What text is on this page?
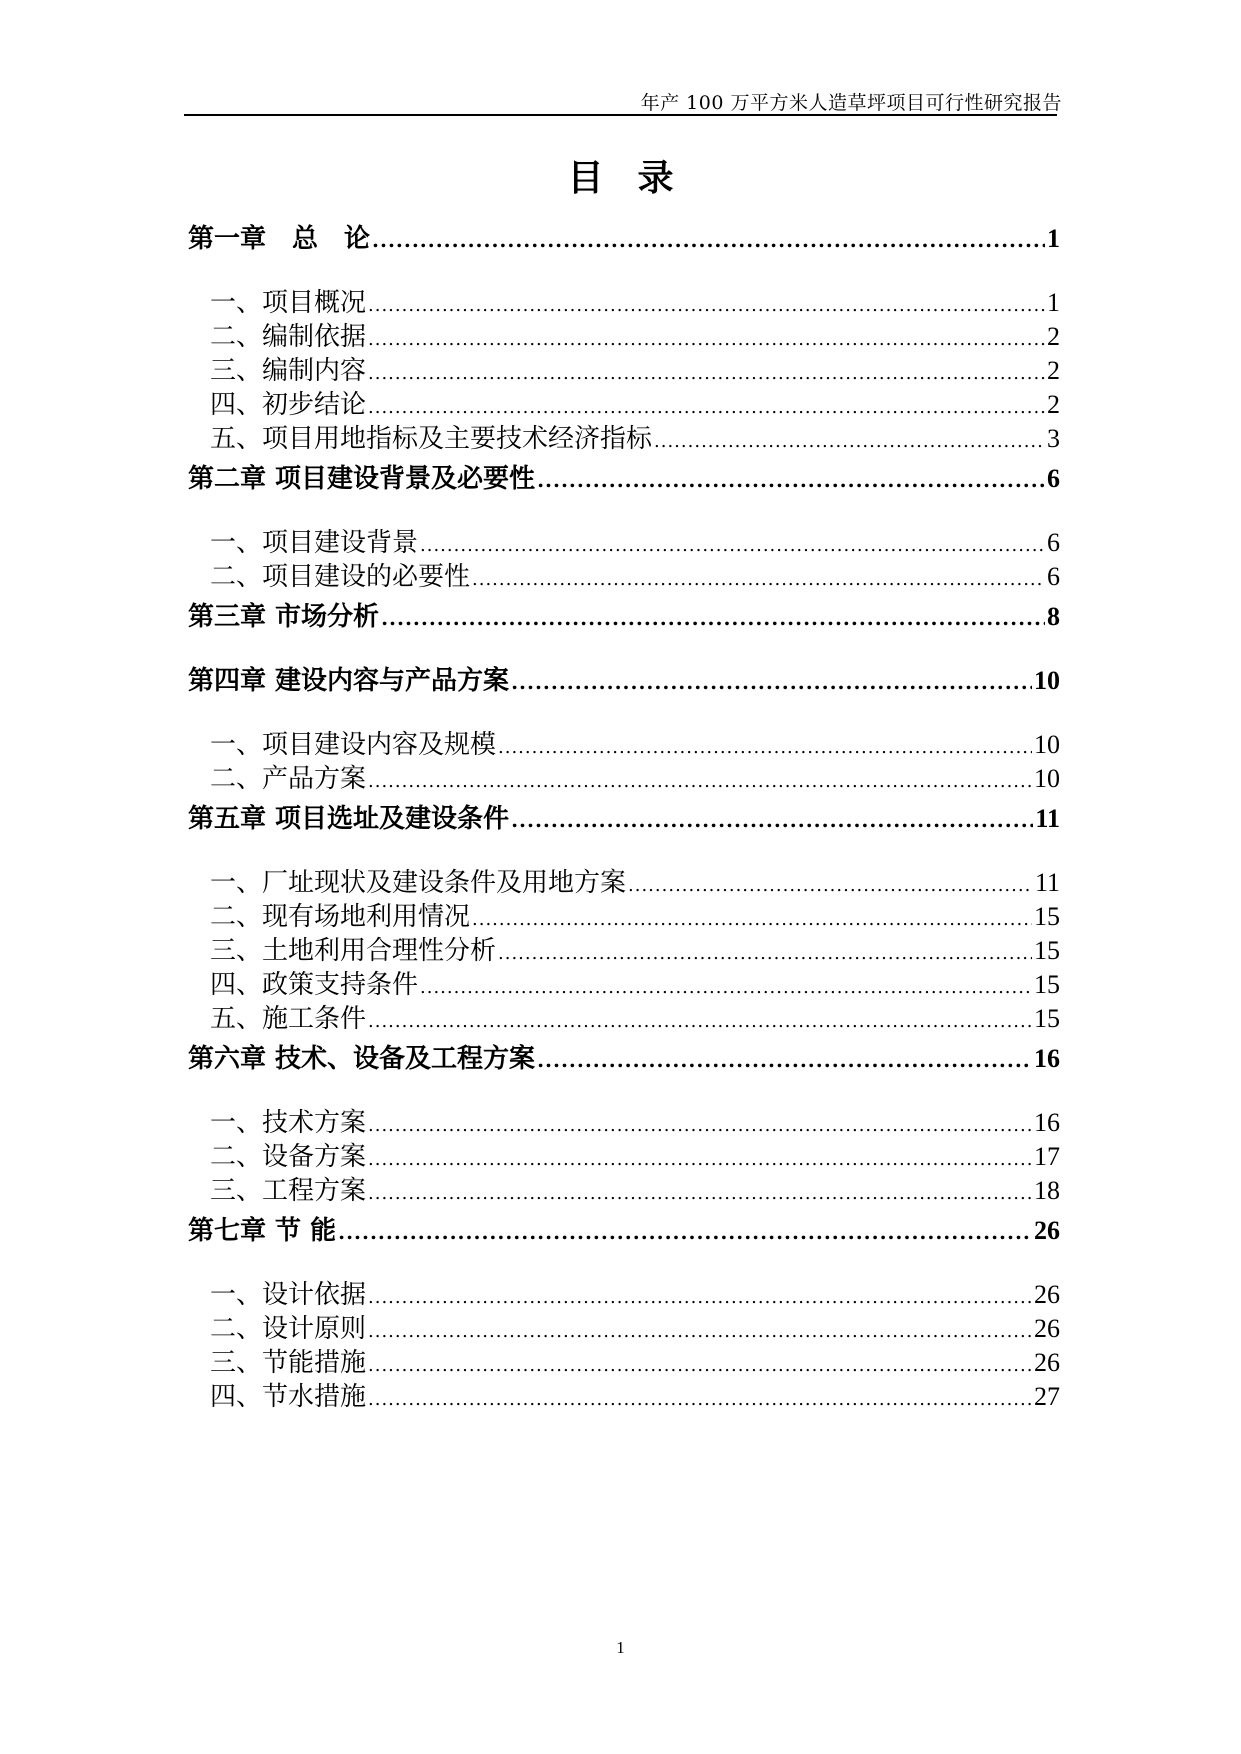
年产 100 万平方米人造草坪项目可行性研究报告
目录
第一章　总　论 .....	1
一、项目概况 .....	1
二、编制依据 .....	2
三、编制内容 .....	2
四、初步结论 .....	2
五、项目用地指标及主要技术经济指标 .....	3
第二章 项目建设背景及必要性 .....	6
一、项目建设背景 .....	6
二、项目建设的必要性 .....	6
第三章 市场分析 .....	8
第四章 建设内容与产品方案 .....	10
一、项目建设内容及规模 .....	10
二、产品方案 .....	10
第五章 项目选址及建设条件 .....	11
一、厂址现状及建设条件及用地方案 .....	11
二、现有场地利用情况 .....	15
三、土地利用合理性分析 .....	15
四、政策支持条件 .....	15
五、施工条件 .....	15
第六章 技术、设备及工程方案 .....	16
一、技术方案 .....	16
二、设备方案 .....	17
三、工程方案 .....	18
第七章 节 能 .....	26
一、设计依据 .....	26
二、设计原则 .....	26
三、节能措施 .....	26
四、节水措施 .....	27
1
